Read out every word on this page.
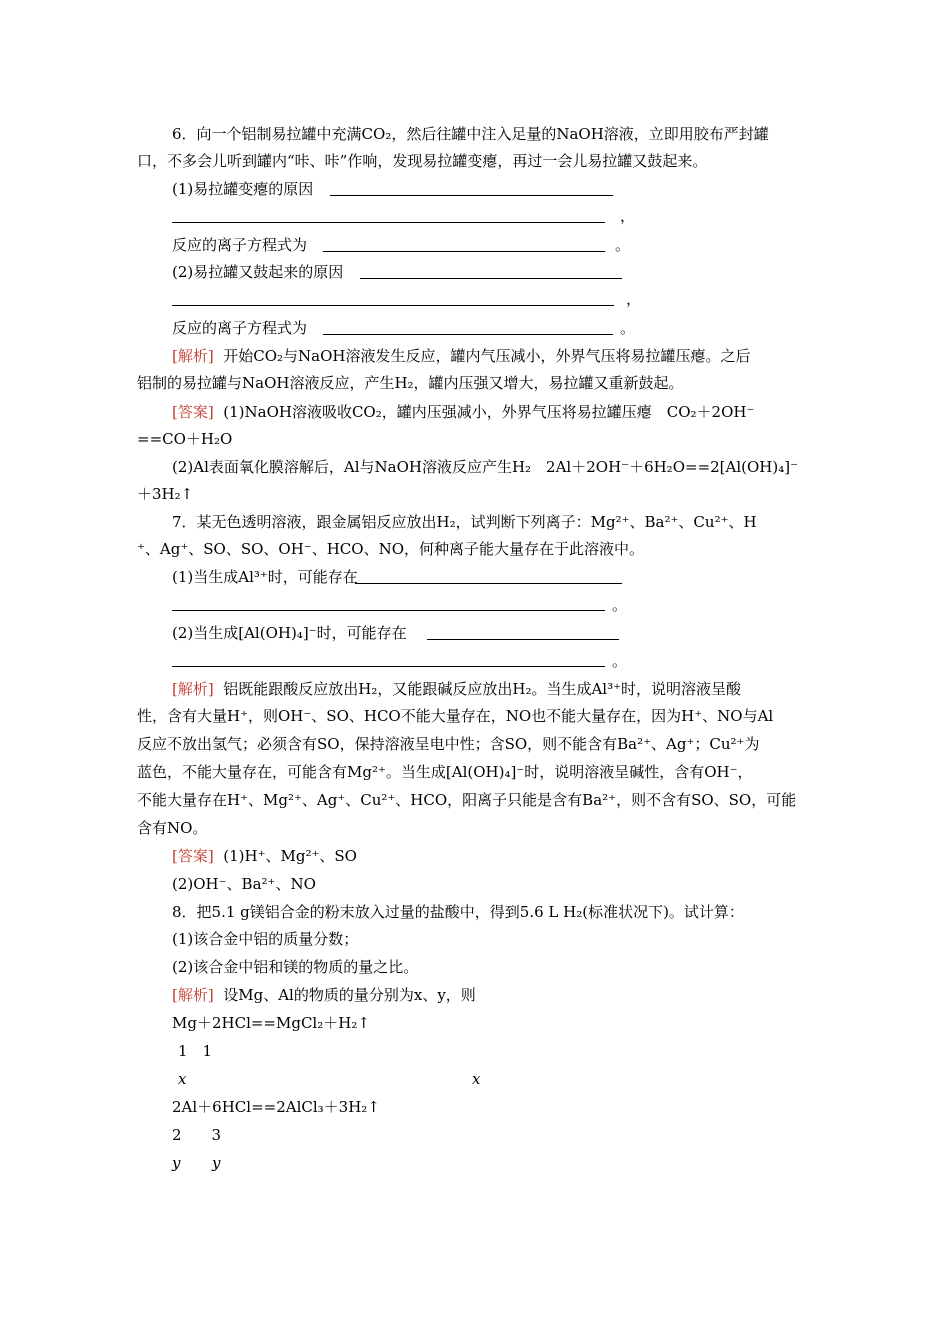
6．向一个铝制易拉罐中充满CO₂，然后往罐中注入足量的NaOH溶液，立即用胶布严封罐
口，不多会儿听到罐内“咔、咔”作响，发现易拉罐变瘪，再过一会儿易拉罐又鼓起来。
(1)易拉罐变瘪的原因
，
反应的离子方程式为	。
(2)易拉罐又鼓起来的原因
，
反应的离子方程式为	。
[解析] 开始CO₂与NaOH溶液发生反应，罐内气压减小，外界气压将易拉罐压瘪。之后
铝制的易拉罐与NaOH溶液反应，产生H₂，罐内压强又增大，易拉罐又重新鼓起。
[答案] (1)NaOH溶液吸收CO₂，罐内压强减小，外界气压将易拉罐压瘪　CO₂＋2OH⁻
==CO＋H₂O
(2)Al表面氧化膜溶解后，Al与NaOH溶液反应产生H₂　2Al＋2OH⁻＋6H₂O==2[Al(OH)₄]⁻
＋3H₂↑
7．某无色透明溶液，跟金属铝反应放出H₂，试判断下列离子：Mg²⁺、Ba²⁺、Cu²⁺、H
⁺、Ag⁺、SO、SO、OH⁻、HCO、NO，何种离子能大量存在于此溶液中。
(1)当生成Al³⁺时，可能存在
。
(2)当生成[Al(OH)₄]⁻时，可能存在
。
[解析] 铝既能跟酸反应放出H₂，又能跟碱反应放出H₂。当生成Al³⁺时，说明溶液呈酸
性，含有大量H⁺，则OH⁻、SO、HCO不能大量存在，NO也不能大量存在，因为H⁺、NO与Al
反应不放出氢气；必须含有SO，保持溶液呈电中性；含SO，则不能含有Ba²⁺、Ag⁺；Cu²⁺为
蓝色，不能大量存在，可能含有Mg²⁺。当生成[Al(OH)₄]⁻时，说明溶液呈碱性，含有OH⁻，
不能大量存在H⁺、Mg²⁺、Ag⁺、Cu²⁺、HCO，阳离子只能是含有Ba²⁺，则不含有SO、SO，可能
含有NO。
[答案] (1)H⁺、Mg²⁺、SO
(2)OH⁻、Ba²⁺、NO
8．把5.1 g镁铝合金的粉末放入过量的盐酸中，得到5.6 L H₂(标准状况下)。试计算：
(1)该合金中铝的质量分数；
(2)该合金中铝和镁的物质的量之比。
[解析] 设Mg、Al的物质的量分别为x、y，则
Mg＋2HCl==MgCl₂＋H₂↑
1　1
x	x
2Al＋6HCl==2AlCl₃＋3H₂↑
2　　3
y y
